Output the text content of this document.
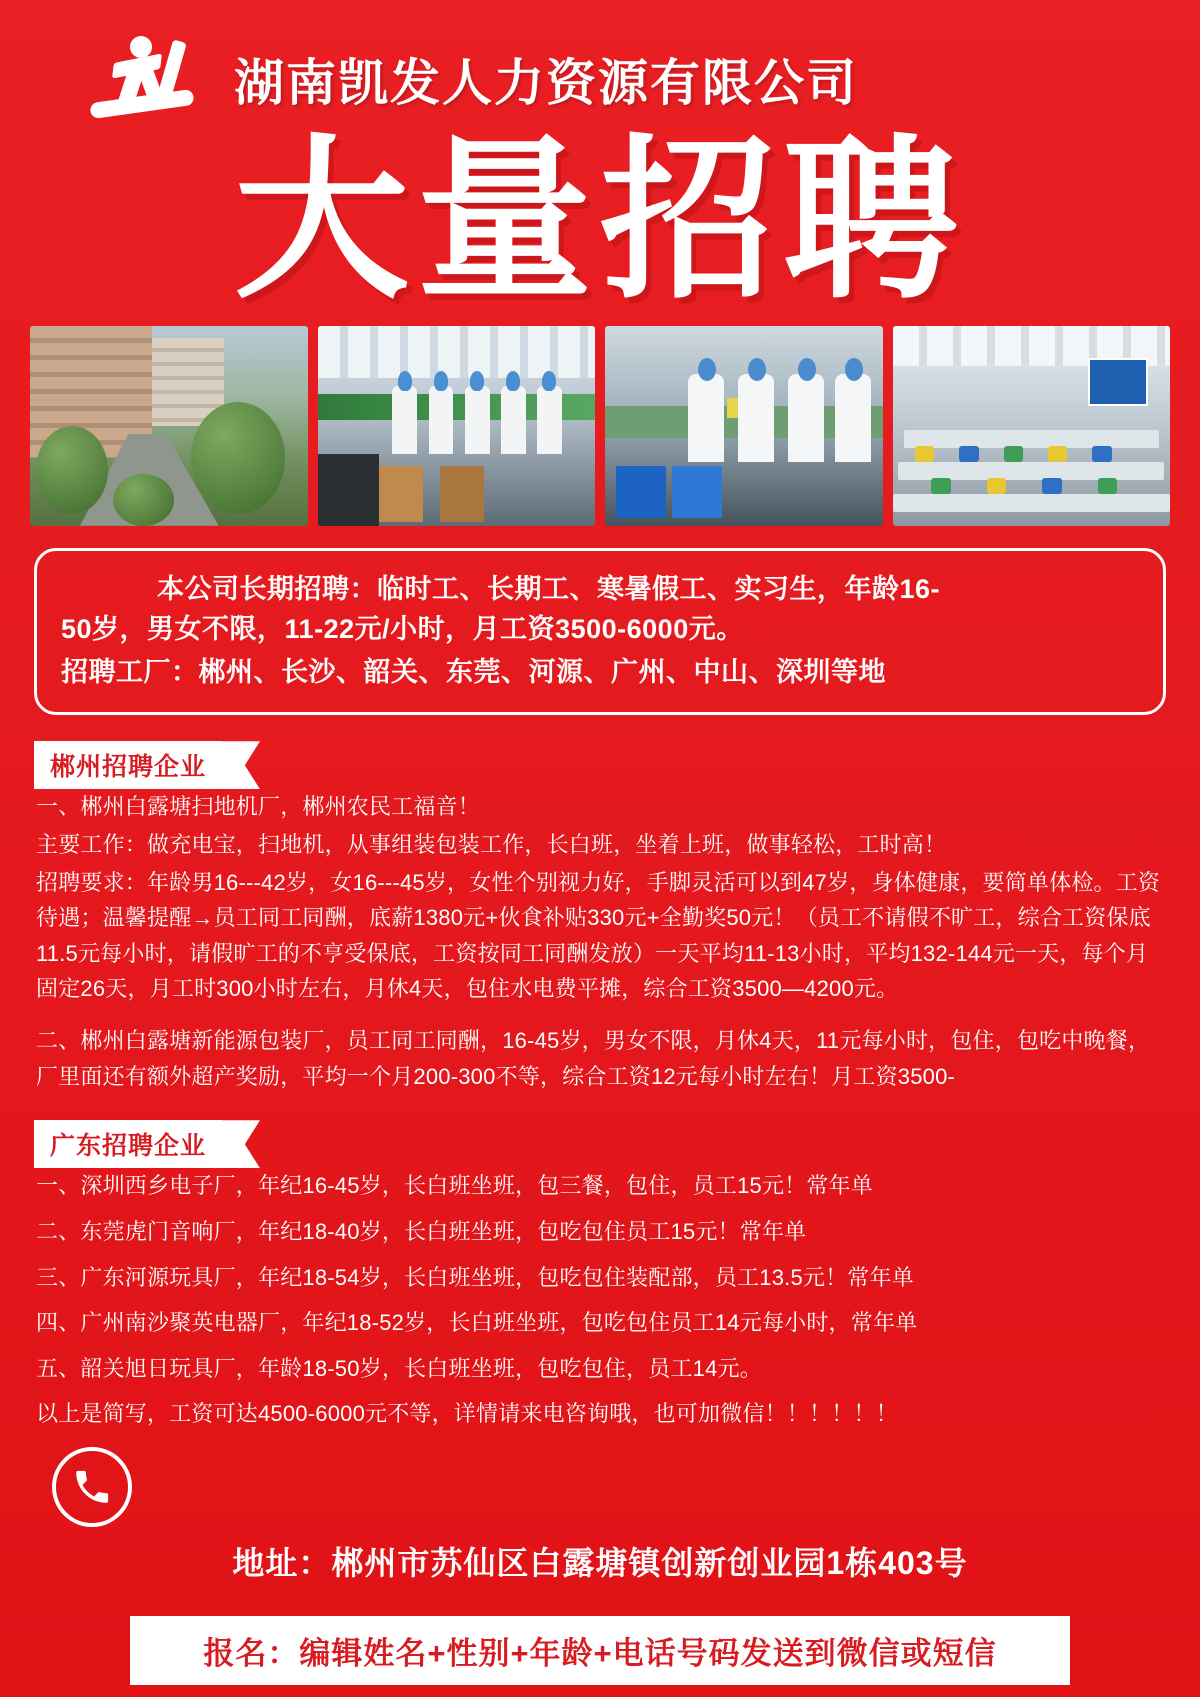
湖南凯发人力资源有限公司
大量招聘
本公司长期招聘：临时工、长期工、寒暑假工、实习生，年龄16-
50岁，男女不限，11-22元/小时，月工资3500-6000元。
招聘工厂：郴州、长沙、韶关、东莞、河源、广州、中山、深圳等地
郴州招聘企业

一、郴州白露塘扫地机厂，郴州农民工福音！

主要工作：做充电宝，扫地机，从事组装包装工作，长白班，坐着上班，做事轻松，工时高！

招聘要求：年龄男16---42岁，女16---45岁，女性个别视力好，手脚灵活可以到47岁，身体健康，要简单体检。工资待遇；温馨提醒→员工同工同酬，底薪1380元+伙食补贴330元+全勤奖50元！（员工不请假不旷工，综合工资保底11.5元每小时，请假旷工的不亨受保底，工资按同工同酬发放）一天平均11-13小时，平均132-144元一天，每个月固定26天，月工时300小时左右，月休4天，包住水电费平摊，综合工资3500—4200元。

二、郴州白露塘新能源包装厂，员工同工同酬，16-45岁，男女不限，月休4天，11元每小时，包住，包吃中晚餐，厂里面还有额外超产奖励，平均一个月200-300不等，综合工资12元每小时左右！月工资3500-

广东招聘企业

一、深圳西乡电子厂，年纪16-45岁，长白班坐班，包三餐，包住，员工15元！常年单

二、东莞虎门音响厂，年纪18-40岁，长白班坐班，包吃包住员工15元！常年单

三、广东河源玩具厂，年纪18-54岁，长白班坐班，包吃包住装配部，员工13.5元！常年单

四、广州南沙聚英电器厂，年纪18-52岁，长白班坐班，包吃包住员工14元每小时，常年单

五、韶关旭日玩具厂，年龄18-50岁，长白班坐班，包吃包住，员工14元。

以上是简写，工资可达4500-6000元不等，详情请来电咨询哦，也可加微信！！！！！！

地址：郴州市苏仙区白露塘镇创新创业园1栋403号
报名：编辑姓名+性别+年龄+电话号码发送到微信或短信
